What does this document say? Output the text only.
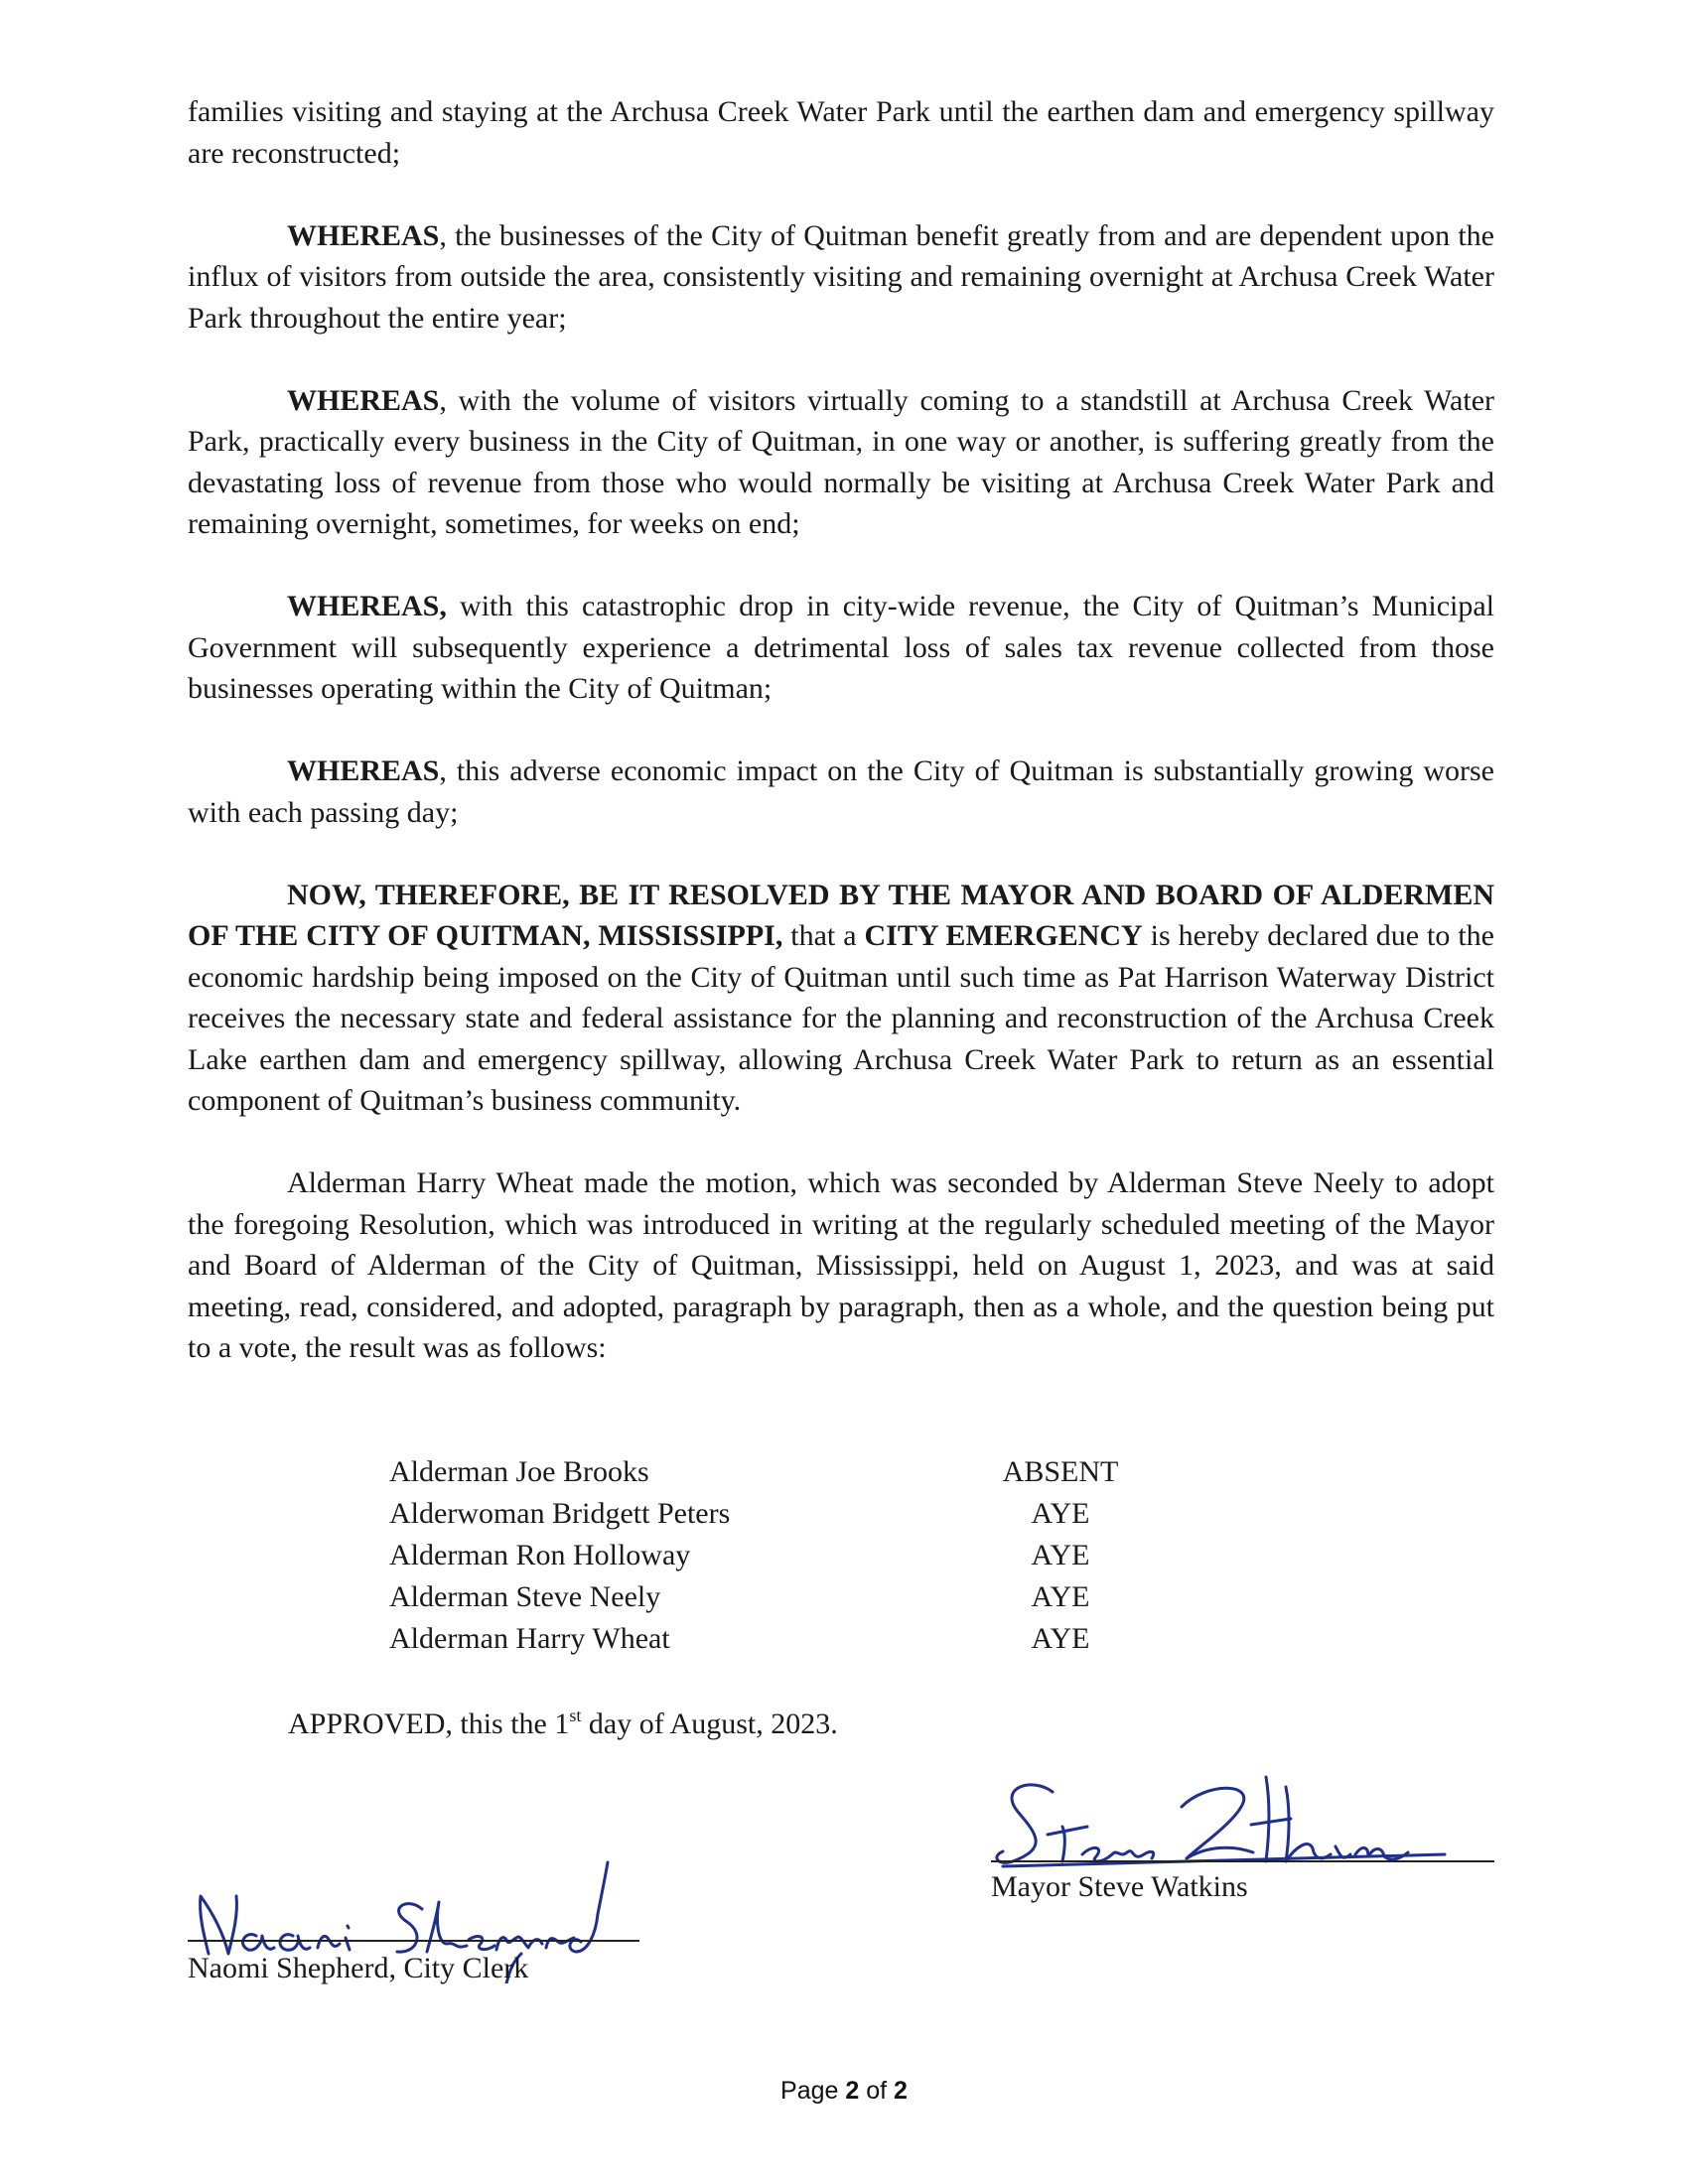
families visiting and staying at the Archusa Creek Water Park until the earthen dam and emergency spillway are reconstructed;

WHEREAS, the businesses of the City of Quitman benefit greatly from and are dependent upon the influx of visitors from outside the area, consistently visiting and remaining overnight at Archusa Creek Water Park throughout the entire year;

WHEREAS, with the volume of visitors virtually coming to a standstill at Archusa Creek Water Park, practically every business in the City of Quitman, in one way or another, is suffering greatly from the devastating loss of revenue from those who would normally be visiting at Archusa Creek Water Park and remaining overnight, sometimes, for weeks on end;

WHEREAS, with this catastrophic drop in city-wide revenue, the City of Quitman’s Municipal Government will subsequently experience a detrimental loss of sales tax revenue collected from those businesses operating within the City of Quitman;

WHEREAS, this adverse economic impact on the City of Quitman is substantially growing worse with each passing day;

NOW, THEREFORE, BE IT RESOLVED BY THE MAYOR AND BOARD OF ALDERMEN OF THE CITY OF QUITMAN, MISSISSIPPI, that a CITY EMERGENCY is hereby declared due to the economic hardship being imposed on the City of Quitman until such time as Pat Harrison Waterway District receives the necessary state and federal assistance for the planning and reconstruction of the Archusa Creek Lake earthen dam and emergency spillway, allowing Archusa Creek Water Park to return as an essential component of Quitman’s business community.

Alderman Harry Wheat made the motion, which was seconded by Alderman Steve Neely to adopt the foregoing Resolution, which was introduced in writing at the regularly scheduled meeting of the Mayor and Board of Alderman of the City of Quitman, Mississippi, held on August 1, 2023, and was at said meeting, read, considered, and adopted, paragraph by paragraph, then as a whole, and the question being put to a vote, the result was as follows:

Alderman Joe Brooks	ABSENT
Alderwoman Bridgett Peters	AYE
Alderman Ron Holloway	AYE
Alderman Steve Neely	AYE
Alderman Harry Wheat	AYE
APPROVED, this the 1st day of August, 2023.
Mayor Steve Watkins
Naomi Shepherd, City Clerk
Page 2 of 2
